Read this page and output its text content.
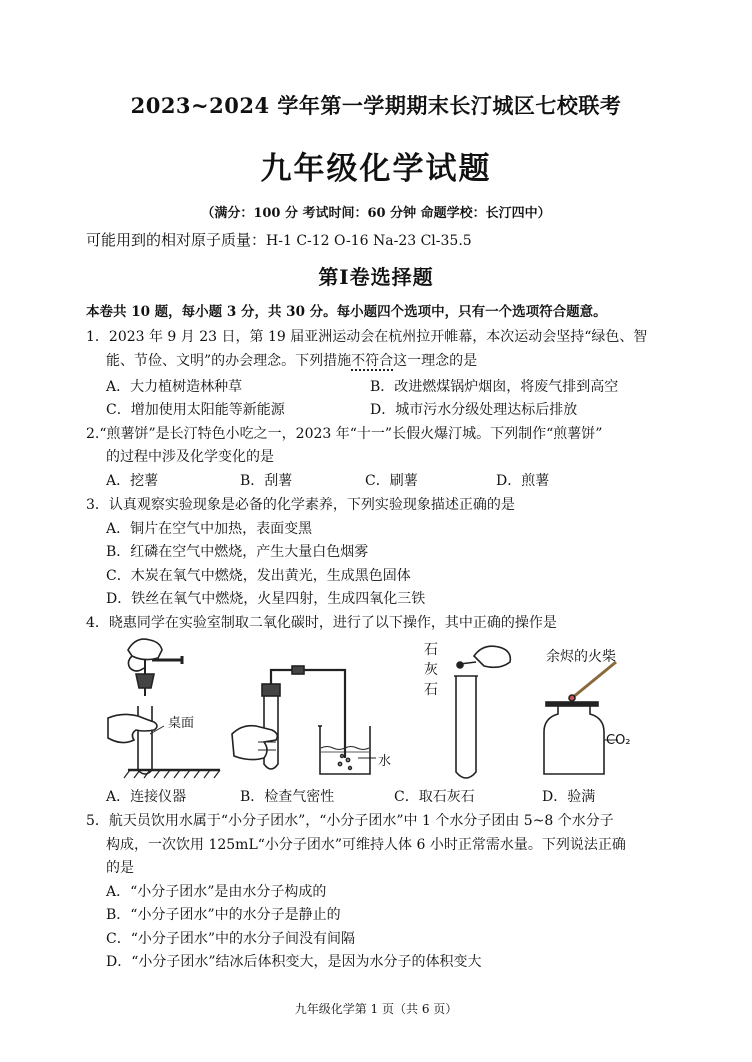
2023~2024 学年第一学期期末长汀城区七校联考
九年级化学试题
（满分：100 分 考试时间：60 分钟 命题学校：长汀四中）
可能用到的相对原子质量：H-1 C-12 O-16 Na-23 Cl-35.5
第Ⅰ卷选择题
本卷共 10 题，每小题 3 分，共 30 分。每小题四个选项中，只有一个选项符合题意。
1．2023 年 9 月 23 日，第 19 届亚洲运动会在杭州拉开帷幕，本次运动会坚持“绿色、智
能、节俭、文明”的办会理念。下列措施不符合这一理念的是
A．大力植树造林种草	B．改进燃煤锅炉烟囱，将废气排到高空
C．增加使用太阳能等新能源	D．城市污水分级处理达标后排放
2.“煎薯饼”是长汀特色小吃之一，2023 年“十一”长假火爆汀城。下列制作“煎薯饼”
的过程中涉及化学变化的是
A．挖薯	B．刮薯	C．刷薯	D．煎薯
3．认真观察实验现象是必备的化学素养，下列实验现象描述正确的是
A．铜片在空气中加热，表面变黑
B．红磷在空气中燃烧，产生大量白色烟雾
C．木炭在氧气中燃烧，发出黄光，生成黑色固体
D．铁丝在氧气中燃烧，火星四射，生成四氧化三铁
4．晓惠同学在实验室制取二氧化碳时，进行了以下操作，其中正确的操作是
桌面
水
石
灰
石
余烬的火柴
CO₂
A．连接仪器	B．检查气密性	C．取石灰石	D．验满
5．航天员饮用水属于“小分子团水”，“小分子团水”中 1 个水分子团由 5~8 个水分子
构成，一次饮用 125mL“小分子团水”可维持人体 6 小时正常需水量。下列说法正确
的是
A．“小分子团水”是由水分子构成的
B．“小分子团水”中的水分子是静止的
C．“小分子团水”中的水分子间没有间隔
D．“小分子团水”结冰后体积变大，是因为水分子的体积变大
九年级化学第 1 页（共 6 页）
